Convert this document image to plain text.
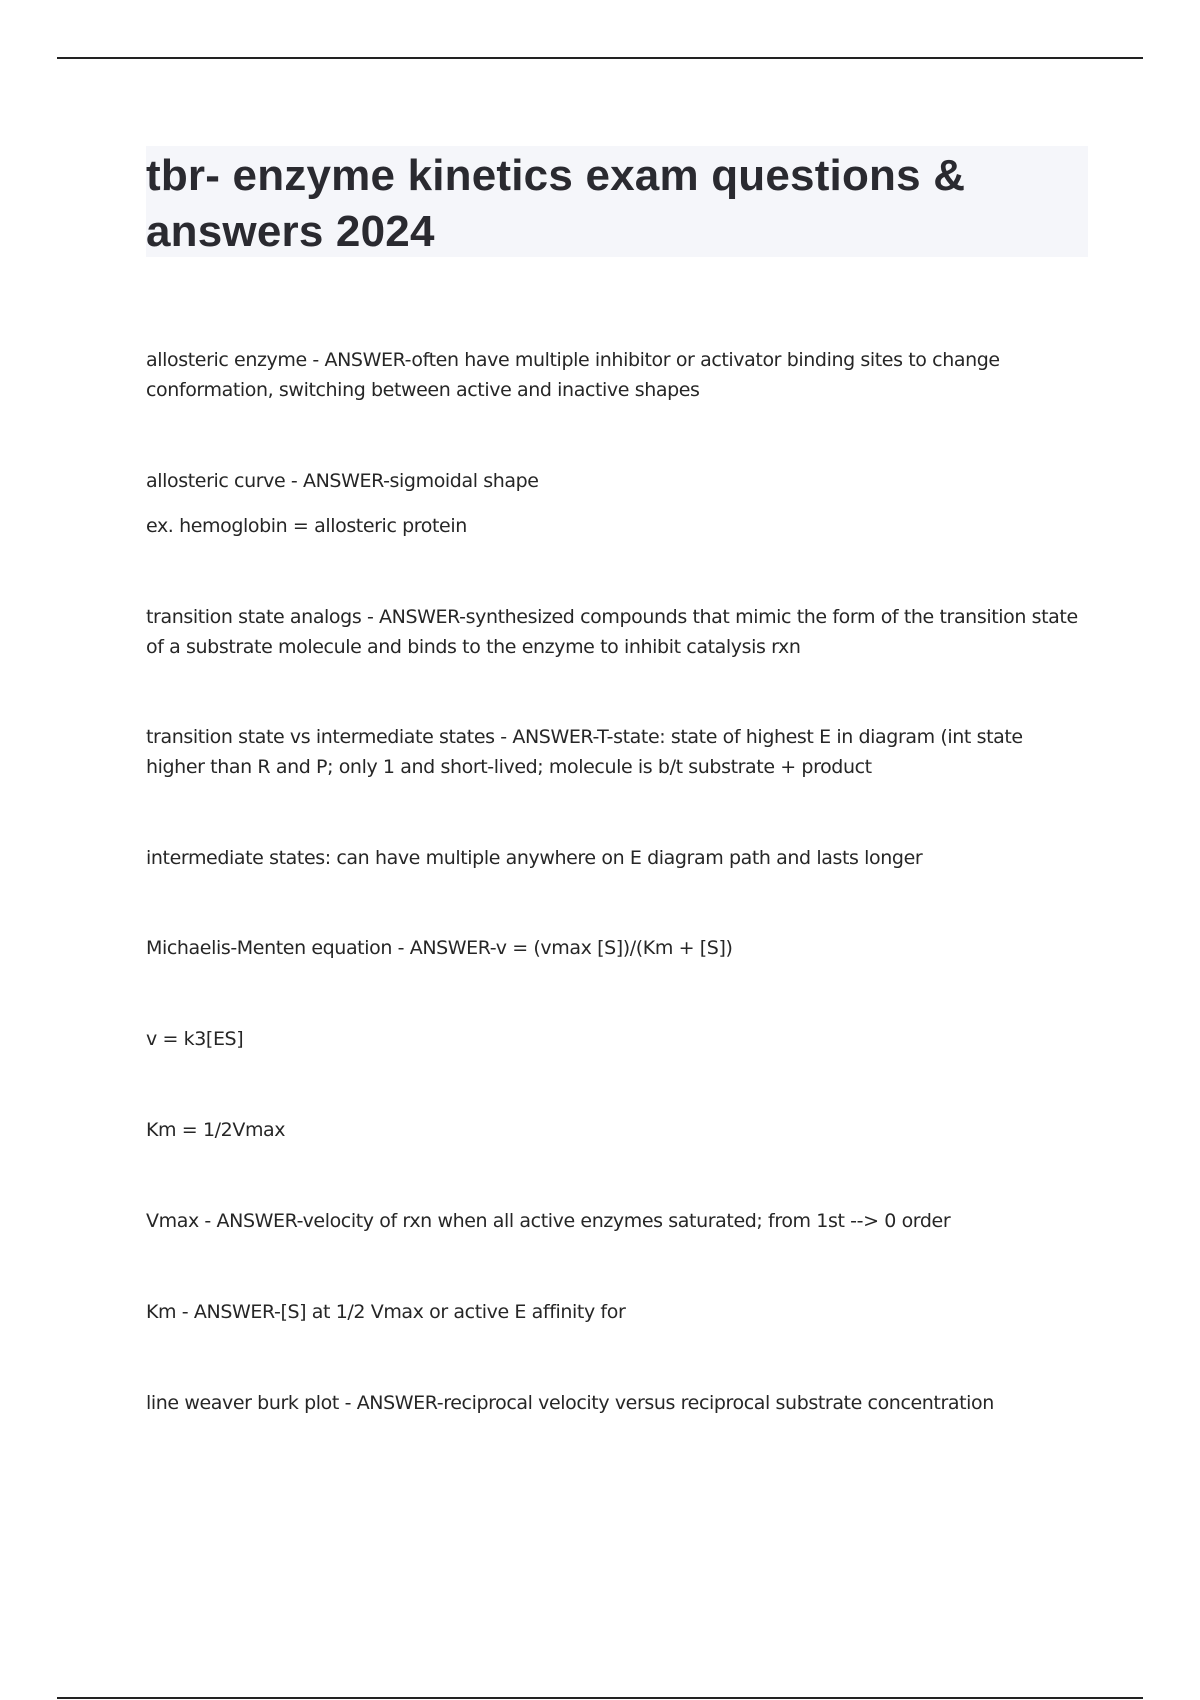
tbr- enzyme kinetics exam questions & answers 2024

allosteric enzyme - ANSWER-often have multiple inhibitor or activator binding sites to change conformation, switching between active and inactive shapes

allosteric curve - ANSWER-sigmoidal shape

ex. hemoglobin = allosteric protein

transition state analogs - ANSWER-synthesized compounds that mimic the form of the transition state of a substrate molecule and binds to the enzyme to inhibit catalysis rxn

transition state vs intermediate states - ANSWER-T-state: state of highest E in diagram (int state higher than R and P; only 1 and short-lived; molecule is b/t substrate + product

intermediate states: can have multiple anywhere on E diagram path and lasts longer

Michaelis-Menten equation - ANSWER-v = (vmax [S])/(Km + [S])

v = k3[ES]

Km = 1/2Vmax

Vmax - ANSWER-velocity of rxn when all active enzymes saturated; from 1st --> 0 order

Km - ANSWER-[S] at 1/2 Vmax or active E affinity for

line weaver burk plot - ANSWER-reciprocal velocity versus reciprocal substrate concentration
